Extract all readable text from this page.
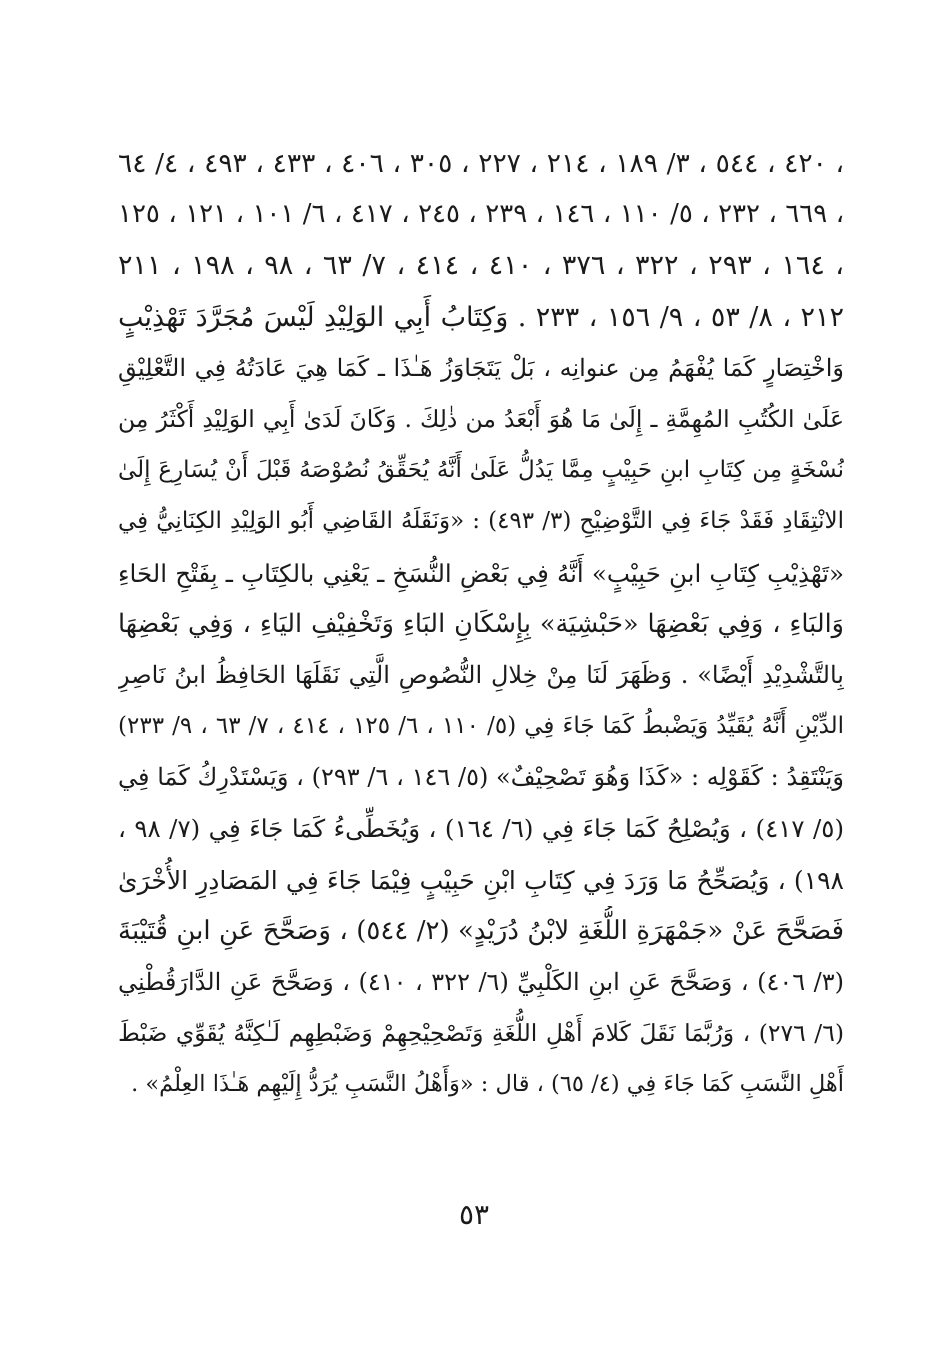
٤٢٠ ، ٥٤٤ ، ٣/ ١٨٩ ، ٢١٤ ، ٢٢٧ ، ٣٠٥ ، ٤٠٦ ، ٤٣٣ ، ٤٩٣ ، ٤/ ٦٤ ،
٦٦٩ ، ٢٣٢ ، ٥/ ١١٠ ، ١٤٦ ، ٢٣٩ ، ٢٤٥ ، ٤١٧ ، ٦/ ١٠١ ، ١٢١ ، ١٢٥ ،
١٦٤ ، ٢٩٣ ، ٣٢٢ ، ٣٧٦ ، ٤١٠ ، ٤١٤ ، ٧/ ٦٣ ، ٩٨ ، ١٩٨ ، ٢١١ ،
٢١٢ ، ٨/ ٥٣ ، ٩/ ١٥٦ ، ٢٣٣ . وَكِتَابُ أَبِي الوَلِيْدِ لَيْسَ مُجَرَّدَ تَهْذِيْبٍ
وَاخْتِصَارٍ كَمَا يُفْهَمُ مِن عنوانِه ، بَلْ يَتَجَاوَزُ هَـٰذَا ـ كَمَا هِيَ عَادَتُهُ فِي التَّعْلِيْقِ
عَلَىٰ الكُتُبِ المُهِمَّةِ ـ إِلَىٰ مَا هُوَ أَبْعَدُ من ذٰلِكَ . وَكَانَ لَدَىٰ أَبِي الوَلِيْدِ أَكْثَرُ مِن
نُسْخَةٍ مِن كِتَابِ ابنِ حَبِيْبٍ مِمَّا يَدُلُّ عَلَىٰ أَنَّهُ يُحَقِّقُ نُصُوْصَهُ قَبْلَ أَنْ يُسَارِعَ إِلَىٰ
الانْتِقَادِ فَقَدْ جَاءَ فِي التَّوْضِيْحِ (٣/ ٤٩٣) : «وَنَقَلَهُ القَاضِي أَبُو الوَلِيْدِ الكِنَانِيُّ فِي
«تَهْذِيْبِ كِتَابِ ابنِ حَبِيْبٍ» أَنَّهُ فِي بَعْضِ النُّسَخِ ـ يَعْنِي بالكِتَابِ ـ بِفَتْحِ الحَاءِ
وَالبَاءِ ، وَفِي بَعْضِهَا «حَبْشِيَة» بِإِسْكَانِ البَاءِ وَتَخْفِيْفِ اليَاءِ ، وَفِي بَعْضِهَا
بِالتَّشْدِيْدِ أَيْضًا» . وَظَهَرَ لَنَا مِنْ خِلالِ النُّصُوصِ الَّتِي نَقَلَهَا الحَافِظُ ابنُ نَاصِرِ
الدِّيْنِ أَنَّهُ يُقَيِّدُ وَيَضْبطُ كَمَا جَاءَ فِي (٥/ ١١٠ ، ٦/ ١٢٥ ، ٤١٤ ، ٧/ ٦٣ ، ٩/ ٢٣٣)
وَيَنْتَقِدُ : كَقَوْلِه : «كَذَا وَهُوَ تَصْحِيْفٌ» (٥/ ١٤٦ ، ٦/ ٢٩٣) ، وَيَسْتَدْرِكُ كَمَا فِي
(٥/ ٤١٧) ، وَيُصْلِحُ كَمَا جَاءَ فِي (٦/ ١٦٤) ، وَيُخَطِّىءُ كَمَا جَاءَ فِي (٧/ ٩٨ ،
١٩٨) ، وَيُصَحِّحُ مَا وَرَدَ فِي كِتَابِ ابْنِ حَبِيْبٍ فِيْمَا جَاءَ فِي المَصَادِرِ الأُخْرَىٰ
فَصَحَّحَ عَنْ «جَمْهَرَةِ اللُّغَةِ لابْنُ دُرَيْدٍ» (٢/ ٥٤٤) ، وَصَحَّحَ عَنِ ابنِ قُتَيْبَةَ
(٣/ ٤٠٦) ، وَصَحَّحَ عَنِ ابنِ الكَلْبِيِّ (٦/ ٣٢٢ ، ٤١٠) ، وَصَحَّحَ عَنِ الدَّارَقُطْنِي
(٦/ ٢٧٦) ، وَرُبَّمَا نَقَلَ كَلامَ أَهْلِ اللُّغَةِ وَتَصْحِيْحِهِمْ وَضَبْطِهِم لَـٰكِنَّهُ يُقَوِّي ضَبْطَ
أَهْلِ النَّسَبِ كَمَا جَاءَ فِي (٤/ ٦٥) ، قال : «وَأَهْلُ النَّسَبِ يُرَدُّ إِلَيْهِم هَـٰذَا العِلْمُ» .
٥٣
